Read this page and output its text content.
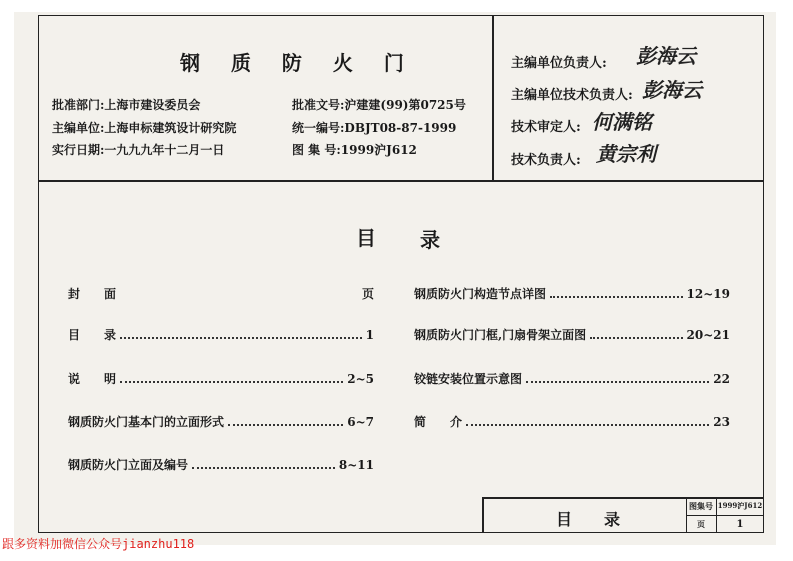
钢 质 防 火 门
批准部门:上海市建设委员会	批准文号:沪建建(99)第0725号
主编单位:上海申标建筑设计研究院	统一编号:DBJT08-87-1999
实行日期:一九九九年十二月一日	图 集 号:1999沪J612
主编单位负责人: 彭海云
主编单位技术负责人: 彭海云
技术审定人: 何满铭
技术负责人: 黄宗利
目 录
封　　面	页
目　　录	1
说　　明	2~5
钢质防火门基本门的立面形式	6~7
钢质防火门立面及编号	8~11
钢质防火门构造节点详图	12~19
钢质防火门门框,门扇骨架立面图	20~21
铰链安装位置示意图	22
简　　介	23
目　　录
图集号 1999沪J612
页	1
跟多资料加微信公众号jianzhu118
